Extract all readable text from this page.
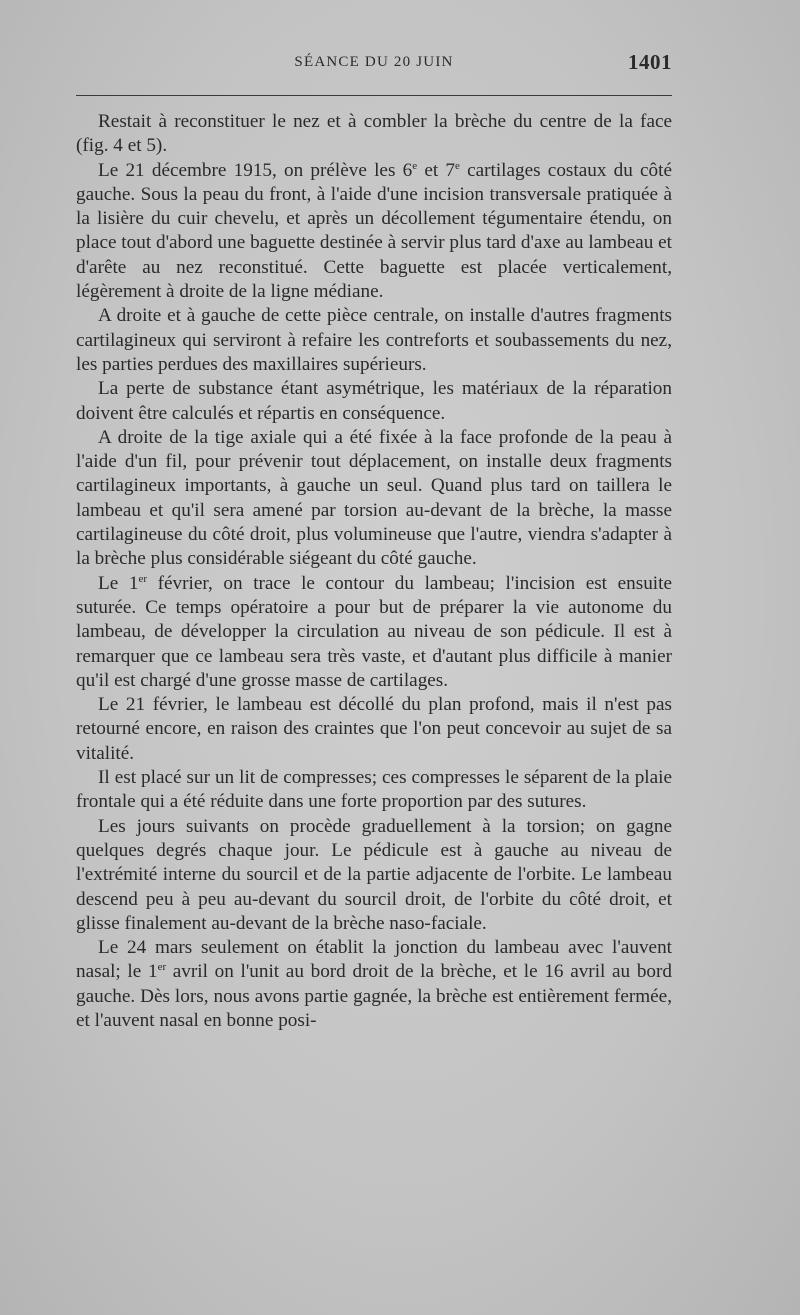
SÉANCE DU 20 JUIN	1401

Restait à reconstituer le nez et à combler la brèche du centre de la face (fig. 4 et 5).

Le 21 décembre 1915, on prélève les 6e et 7e cartilages costaux du côté gauche. Sous la peau du front, à l'aide d'une incision transversale pratiquée à la lisière du cuir chevelu, et après un décollement tégumentaire étendu, on place tout d'abord une baguette destinée à servir plus tard d'axe au lambeau et d'arête au nez reconstitué. Cette baguette est placée verticalement, légèrement à droite de la ligne médiane.

A droite et à gauche de cette pièce centrale, on installe d'autres fragments cartilagineux qui serviront à refaire les contreforts et soubassements du nez, les parties perdues des maxillaires supérieurs.

La perte de substance étant asymétrique, les matériaux de la réparation doivent être calculés et répartis en conséquence.

A droite de la tige axiale qui a été fixée à la face profonde de la peau à l'aide d'un fil, pour prévenir tout déplacement, on installe deux fragments cartilagineux importants, à gauche un seul. Quand plus tard on taillera le lambeau et qu'il sera amené par torsion au-devant de la brèche, la masse cartilagineuse du côté droit, plus volumineuse que l'autre, viendra s'adapter à la brèche plus considérable siégeant du côté gauche.

Le 1er février, on trace le contour du lambeau; l'incision est ensuite suturée. Ce temps opératoire a pour but de préparer la vie autonome du lambeau, de développer la circulation au niveau de son pédicule. Il est à remarquer que ce lambeau sera très vaste, et d'autant plus difficile à manier qu'il est chargé d'une grosse masse de cartilages.

Le 21 février, le lambeau est décollé du plan profond, mais il n'est pas retourné encore, en raison des craintes que l'on peut concevoir au sujet de sa vitalité.

Il est placé sur un lit de compresses; ces compresses le séparent de la plaie frontale qui a été réduite dans une forte proportion par des sutures.

Les jours suivants on procède graduellement à la torsion; on gagne quelques degrés chaque jour. Le pédicule est à gauche au niveau de l'extrémité interne du sourcil et de la partie adjacente de l'orbite. Le lambeau descend peu à peu au-devant du sourcil droit, de l'orbite du côté droit, et glisse finalement au-devant de la brèche naso-faciale.

Le 24 mars seulement on établit la jonction du lambeau avec l'auvent nasal; le 1er avril on l'unit au bord droit de la brèche, et le 16 avril au bord gauche. Dès lors, nous avons partie gagnée, la brèche est entièrement fermée, et l'auvent nasal en bonne posi-
